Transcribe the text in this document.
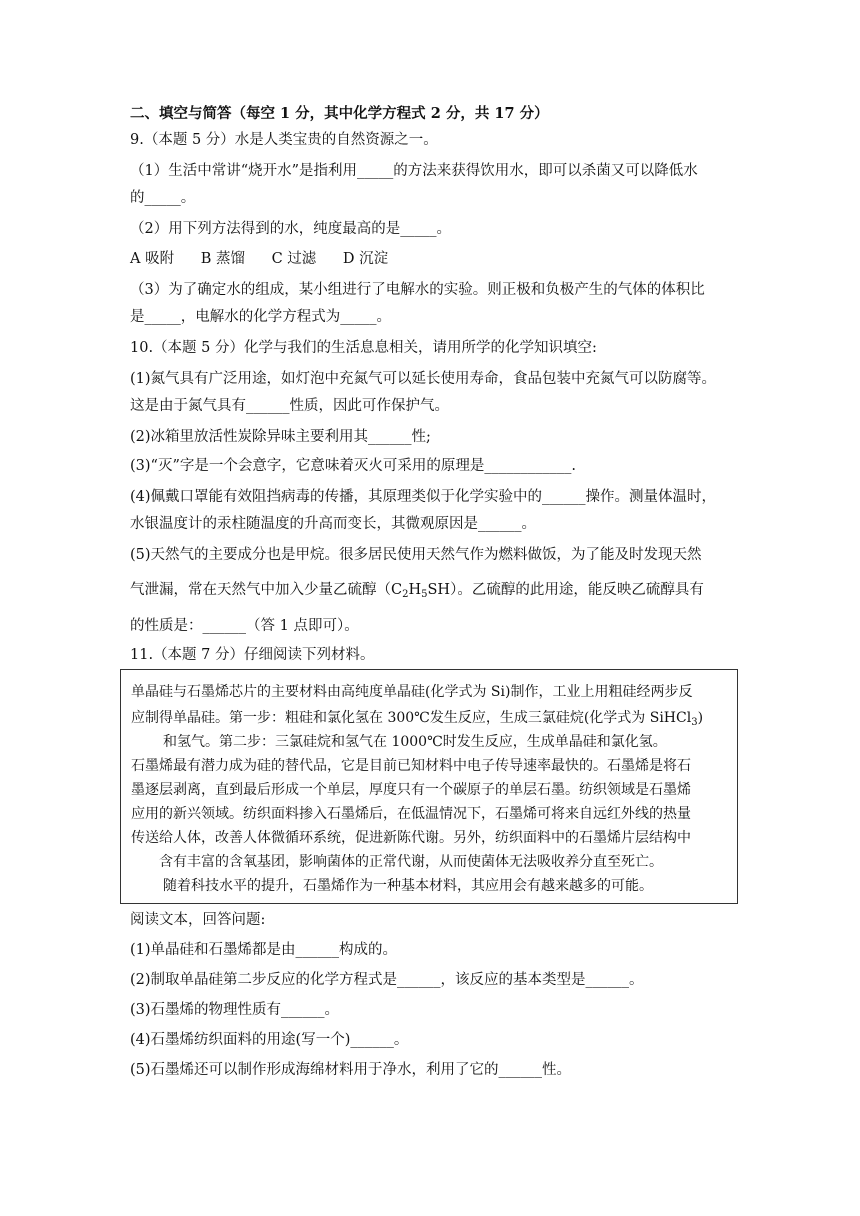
二、填空与简答（每空 1 分，其中化学方程式 2 分，共 17 分）
9.（本题 5 分）水是人类宝贵的自然资源之一。
（1）生活中常讲“烧开水”是指利用_____的方法来获得饮用水，即可以杀菌又可以降低水
的_____。
（2）用下列方法得到的水，纯度最高的是_____。
A 吸附 B 蒸馏 C 过滤 D 沉淀
（3）为了确定水的组成，某小组进行了电解水的实验。则正极和负极产生的气体的体积比
是_____，电解水的化学方程式为_____。
10.（本题 5 分）化学与我们的生活息息相关，请用所学的化学知识填空:
(1)氮气具有广泛用途，如灯泡中充氮气可以延长使用寿命，食品包装中充氮气可以防腐等。
这是由于氮气具有______性质，因此可作保护气。
(2)冰箱里放活性炭除异味主要利用其______性;
(3)“灭”字是一个会意字，它意味着灭火可采用的原理是____________.
(4)佩戴口罩能有效阻挡病毒的传播，其原理类似于化学实验中的______操作。测量体温时，
水银温度计的汞柱随温度的升高而变长，其微观原因是______。
(5)天然气的主要成分也是甲烷。很多居民使用天然气作为燃料做饭，为了能及时发现天然
气泄漏，常在天然气中加入少量乙硫醇$(C_2H_5SH)$。乙硫醇的此用途，能反映乙硫醇具有
的性质是：______（答 1 点即可）。
11.（本题 7 分）仔细阅读下列材料。
单晶硅与石墨烯芯片的主要材料由高纯度单晶硅(化学式为 Si)制作，工业上用粗硅经两步反
应制得单晶硅。第一步：粗硅和氯化氢在 300℃发生反应，生成三氯硅烷(化学式为 SiHCl$_3$)
和氢气。第二步：三氯硅烷和氢气在 1000℃时发生反应，生成单晶硅和氯化氢。
石墨烯最有潜力成为硅的替代品，它是目前已知材料中电子传导速率最快的。石墨烯是将石
墨逐层剥离，直到最后形成一个单层，厚度只有一个碳原子的单层石墨。纺织领域是石墨烯
应用的新兴领域。纺织面料掺入石墨烯后，在低温情况下，石墨烯可将来自远红外线的热量
传送给人体，改善人体微循环系统，促进新陈代谢。另外，纺织面料中的石墨烯片层结构中
含有丰富的含氧基团，影响菌体的正常代谢，从而使菌体无法吸收养分直至死亡。
随着科技水平的提升，石墨烯作为一种基本材料，其应用会有越来越多的可能。
阅读文本，回答问题:
(1)单晶硅和石墨烯都是由______构成的。
(2)制取单晶硅第二步反应的化学方程式是______，该反应的基本类型是______。
(3)石墨烯的物理性质有______。
(4)石墨烯纺织面料的用途(写一个)______。
(5)石墨烯还可以制作形成海绵材料用于净水，利用了它的______性。
